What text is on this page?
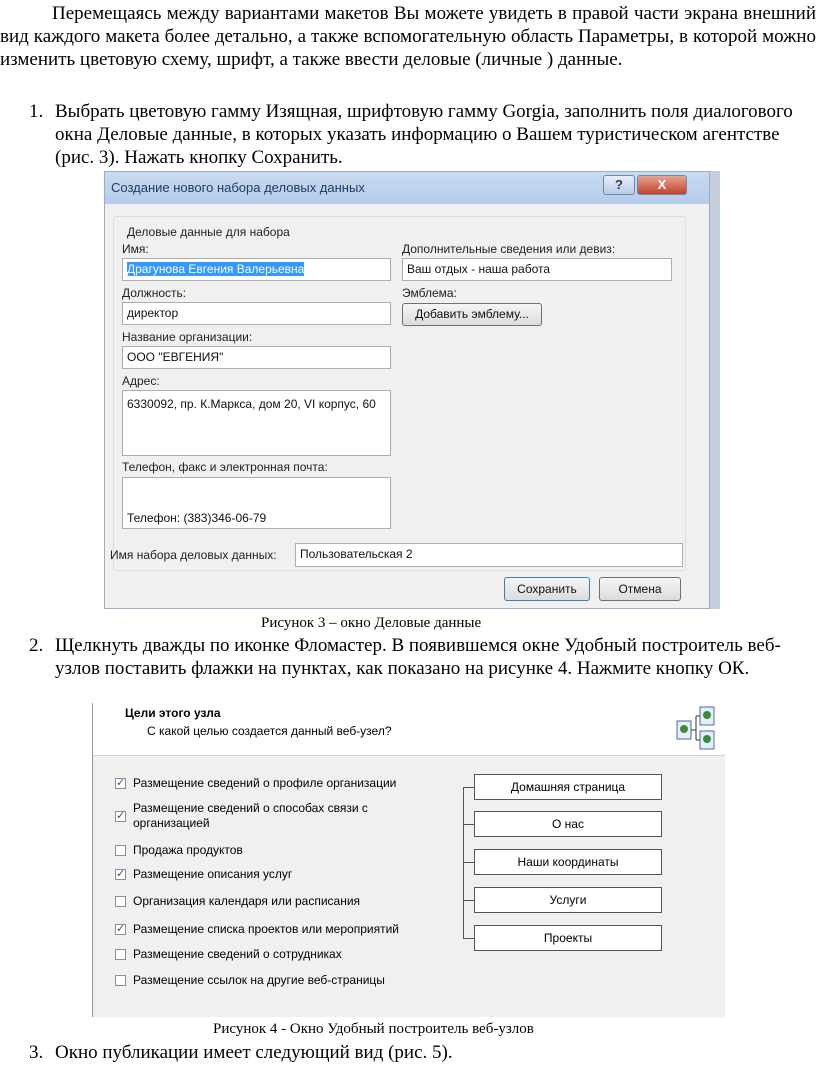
Перемещаясь между вариантами макетов Вы можете увидеть в правой части экрана внешний вид каждого макета более детально, а также вспомогательную область Параметры, в которой можно изменить цветовую схему, шрифт, а также ввести деловые (личные ) данные.
1. Выбрать цветовую гамму Изящная, шрифтовую гамму Gorgia, заполнить поля диалогового окна Деловые данные, в которых указать информацию о Вашем туристическом агентстве (рис. 3). Нажать кнопку Сохранить.
Создание нового набора деловых данных	?	X
Деловые данные для набора
Имя:
Драгунова Евгения Валерьевна
Должность:
директор
Название организации:
ООО "ЕВГЕНИЯ"
Адрес:
6330092, пр. К.Маркса, дом 20, VI корпус, 60
Телефон, факс и электронная почта:

Телефон: (383)346-06-79

Дополнительные сведения или девиз:
Ваш отдых - наша работа
Эмблема:
Добавить эмблему...
Имя набора деловых данных:	Пользовательская 2
Сохранить	Отмена
Рисунок 3 – окно Деловые данные
2. Щелкнуть дважды по иконке Фломастер. В появившемся окне Удобный построитель веб-узлов поставить флажки на пунктах, как показано на рисунке 4. Нажмите кнопку ОК.
Цели этого узла
С какой целью создается данный веб-узел?
✓ Размещение сведений о профиле организации
✓
Размещение сведений о способах связи с
организацией
Продажа продуктов
✓ Размещение описания услуг
Организация календаря или расписания
✓ Размещение списка проектов или мероприятий
Размещение сведений о сотрудниках
Размещение ссылок на другие веб-страницы
Домашняя страница
О нас
Наши координаты
Услуги
Проекты
Рисунок 4 - Окно Удобный построитель веб-узлов
3. Окно публикации имеет следующий вид (рис. 5).
